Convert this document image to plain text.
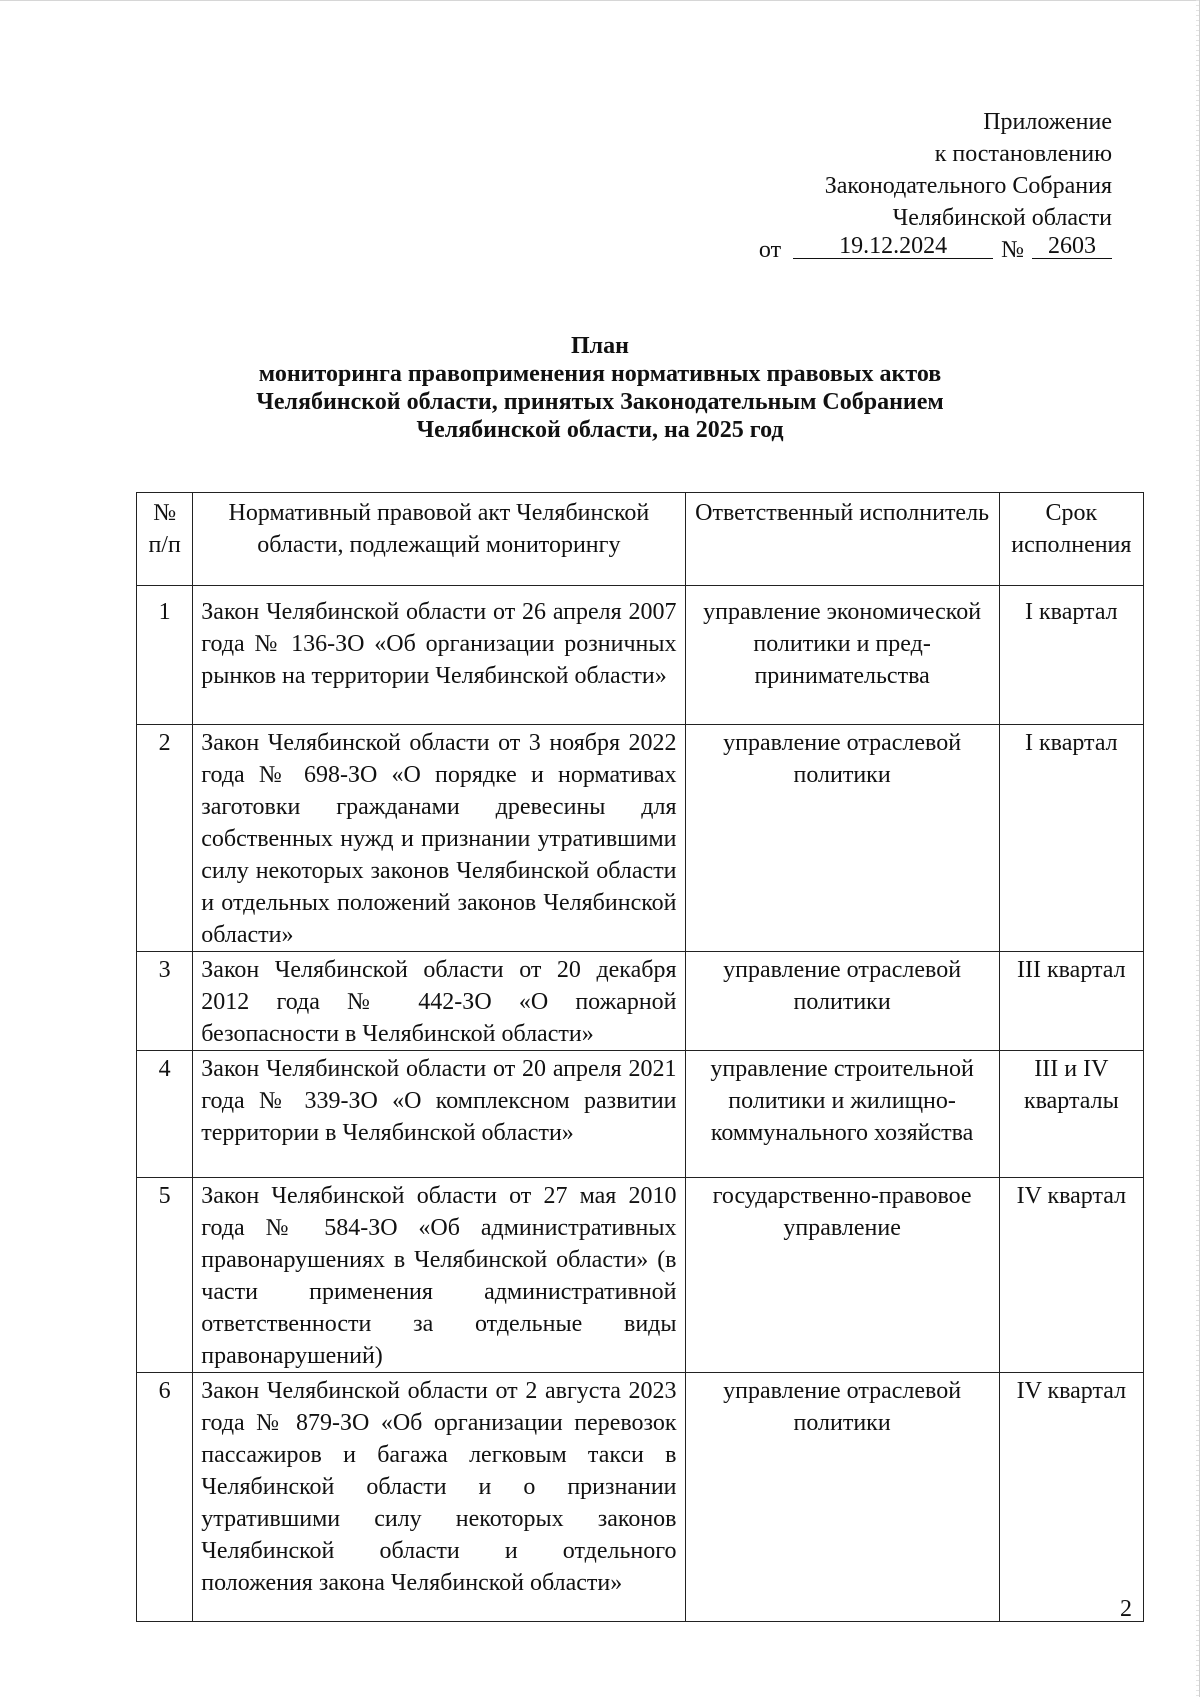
Приложение
к постановлению
Законодательного Собрания
Челябинской области
от 19.12.2024 № 2603
План
мониторинга правоприменения нормативных правовых актов
Челябинской области, принятых Законодательным Собранием
Челябинской области, на 2025 год
№ п/п	Нормативный правовой акт Челябинской области, подлежащий мониторингу	Ответственный исполнитель	Срок исполнения
1	Закон Челябинской области от 26 апреля 2007 года № 136-ЗО «Об организации розничных рынков на территории Челябинской области»	управление экономической политики и предпринимательства	I квартал
2	Закон Челябинской области от 3 ноября 2022 года № 698-ЗО «О порядке и нормативах заготовки гражданами древесины для собственных нужд и признании утратившими силу некоторых законов Челябинской области и отдельных положений законов Челябинской области»	управление отраслевой политики	I квартал
3	Закон Челябинской области от 20 декабря 2012 года № 442-ЗО «О пожарной безопасности в Челябинской области»	управление отраслевой политики	III квартал
4	Закон Челябинской области от 20 апреля 2021 года № 339-ЗО «О комплексном развитии территории в Челябинской области»	управление строительной политики и жилищно-коммунального хозяйства	III и IV кварталы
5	Закон Челябинской области от 27 мая 2010 года № 584-ЗО «Об административных правонарушениях в Челябинской области» (в части применения административной ответственности за отдельные виды правонарушений)	государственно-правовое управление	IV квартал
6	Закон Челябинской области от 2 августа 2023 года № 879-ЗО «Об организации перевозок пассажиров и багажа легковым такси в Челябинской области и о признании утратившими силу некоторых законов Челябинской области и отдельного положения закона Челябинской области»	управление отраслевой политики	IV квартал
2
